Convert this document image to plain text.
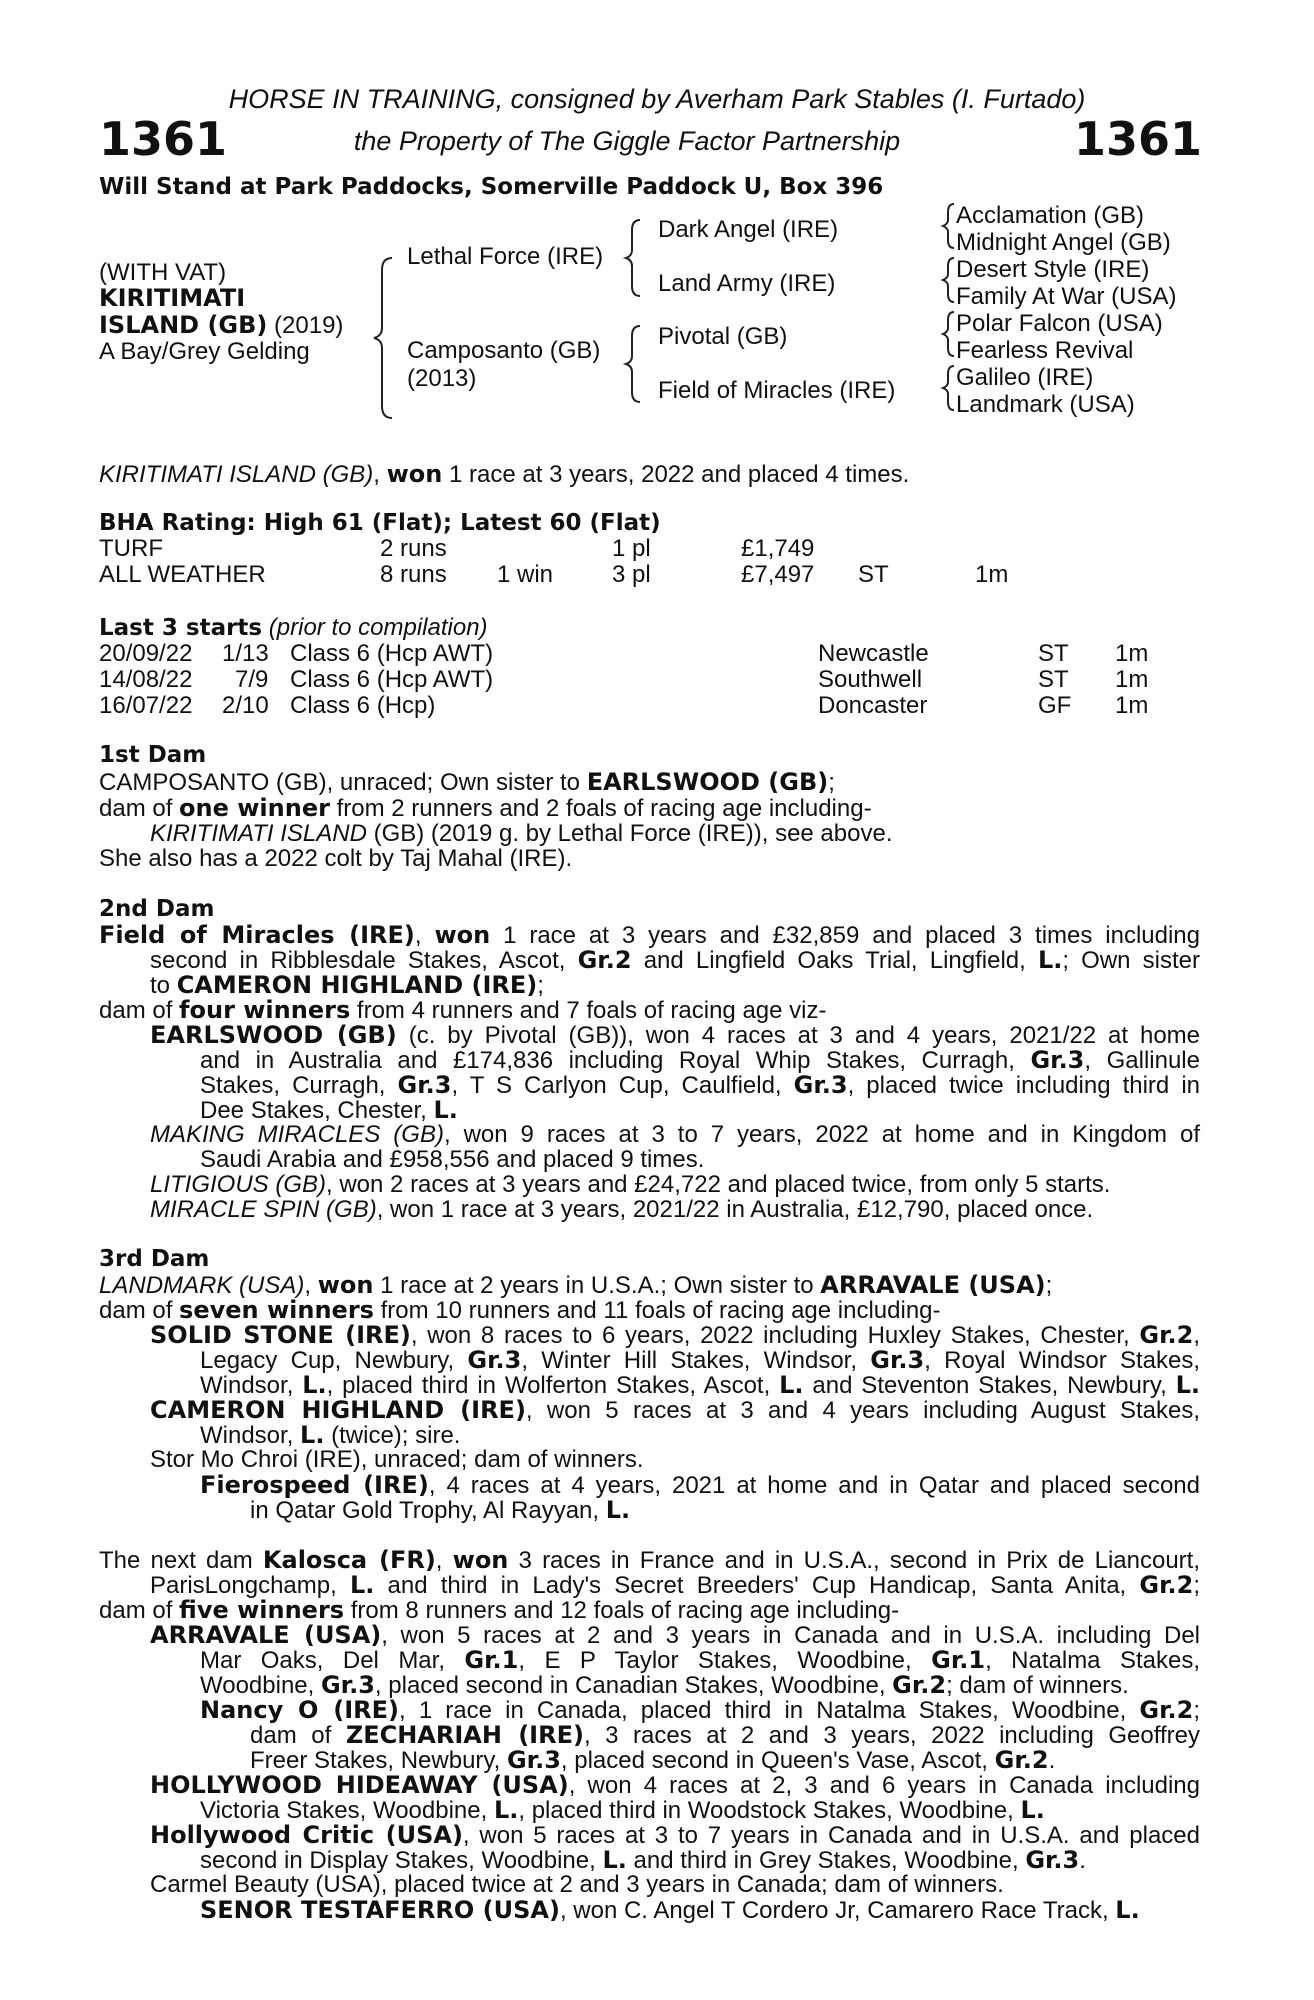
1361	1361
HORSE IN TRAINING, consigned by Averham Park Stables (I. Furtado)
the Property of The Giggle Factor Partnership
Will Stand at Park Paddocks, Somerville Paddock U, Box 396
(WITH VAT)
KIRITIMATI
ISLAND (GB) (2019)
A Bay/Grey Gelding
Lethal Force (IRE)
Camposanto (GB)
(2013)
Dark Angel (IRE)
Land Army (IRE)
Pivotal (GB)
Field of Miracles (IRE)
Acclamation (GB)
Midnight Angel (GB)
Desert Style (IRE)
Family At War (USA)
Polar Falcon (USA)
Fearless Revival
Galileo (IRE)
Landmark (USA)
KIRITIMATI ISLAND (GB), won 1 race at 3 years, 2022 and placed 4 times.
BHA Rating: High 61 (Flat); Latest 60 (Flat)
TURF	2 runs	1 pl	£1,749
ALL WEATHER	8 runs 1 win 3 pl	£7,497 ST	1m
Last 3 starts (prior to compilation)
20/09/22 1/13 Class 6 (Hcp AWT)	Newcastle	ST 1m
14/08/22 7/9 Class 6 (Hcp AWT)	Southwell	ST 1m
16/07/22 2/10 Class 6 (Hcp)	Doncaster	GF 1m
1st Dam
CAMPOSANTO (GB), unraced; Own sister to EARLSWOOD (GB);
dam of one winner from 2 runners and 2 foals of racing age including-
KIRITIMATI ISLAND (GB) (2019 g. by Lethal Force (IRE)), see above.
She also has a 2022 colt by Taj Mahal (IRE).
2nd Dam
Field of Miracles (IRE), won 1 race at 3 years and £32,859 and placed 3 times including
second in Ribblesdale Stakes, Ascot, Gr.2 and Lingfield Oaks Trial, Lingfield, L.; Own sister
to CAMERON HIGHLAND (IRE);
dam of four winners from 4 runners and 7 foals of racing age viz-
EARLSWOOD (GB) (c. by Pivotal (GB)), won 4 races at 3 and 4 years, 2021/22 at home
and in Australia and £174,836 including Royal Whip Stakes, Curragh, Gr.3, Gallinule
Stakes, Curragh, Gr.3, T S Carlyon Cup, Caulfield, Gr.3, placed twice including third in
Dee Stakes, Chester, L.
MAKING MIRACLES (GB), won 9 races at 3 to 7 years, 2022 at home and in Kingdom of
Saudi Arabia and £958,556 and placed 9 times.
LITIGIOUS (GB), won 2 races at 3 years and £24,722 and placed twice, from only 5 starts.
MIRACLE SPIN (GB), won 1 race at 3 years, 2021/22 in Australia, £12,790, placed once.
3rd Dam
LANDMARK (USA), won 1 race at 2 years in U.S.A.; Own sister to ARRAVALE (USA);
dam of seven winners from 10 runners and 11 foals of racing age including-
SOLID STONE (IRE), won 8 races to 6 years, 2022 including Huxley Stakes, Chester, Gr.2,
Legacy Cup, Newbury, Gr.3, Winter Hill Stakes, Windsor, Gr.3, Royal Windsor Stakes,
Windsor, L., placed third in Wolferton Stakes, Ascot, L. and Steventon Stakes, Newbury, L.
CAMERON HIGHLAND (IRE), won 5 races at 3 and 4 years including August Stakes,
Windsor, L. (twice); sire.
Stor Mo Chroi (IRE), unraced; dam of winners.
Fierospeed (IRE), 4 races at 4 years, 2021 at home and in Qatar and placed second
in Qatar Gold Trophy, Al Rayyan, L.
The next dam Kalosca (FR), won 3 races in France and in U.S.A., second in Prix de Liancourt,
ParisLongchamp, L. and third in Lady's Secret Breeders' Cup Handicap, Santa Anita, Gr.2;
dam of five winners from 8 runners and 12 foals of racing age including-
ARRAVALE (USA), won 5 races at 2 and 3 years in Canada and in U.S.A. including Del
Mar Oaks, Del Mar, Gr.1, E P Taylor Stakes, Woodbine, Gr.1, Natalma Stakes,
Woodbine, Gr.3, placed second in Canadian Stakes, Woodbine, Gr.2; dam of winners.
Nancy O (IRE), 1 race in Canada, placed third in Natalma Stakes, Woodbine, Gr.2;
dam of ZECHARIAH (IRE), 3 races at 2 and 3 years, 2022 including Geoffrey
Freer Stakes, Newbury, Gr.3, placed second in Queen's Vase, Ascot, Gr.2.
HOLLYWOOD HIDEAWAY (USA), won 4 races at 2, 3 and 6 years in Canada including
Victoria Stakes, Woodbine, L., placed third in Woodstock Stakes, Woodbine, L.
Hollywood Critic (USA), won 5 races at 3 to 7 years in Canada and in U.S.A. and placed
second in Display Stakes, Woodbine, L. and third in Grey Stakes, Woodbine, Gr.3.
Carmel Beauty (USA), placed twice at 2 and 3 years in Canada; dam of winners.
SENOR TESTAFERRO (USA), won C. Angel T Cordero Jr, Camarero Race Track, L.
